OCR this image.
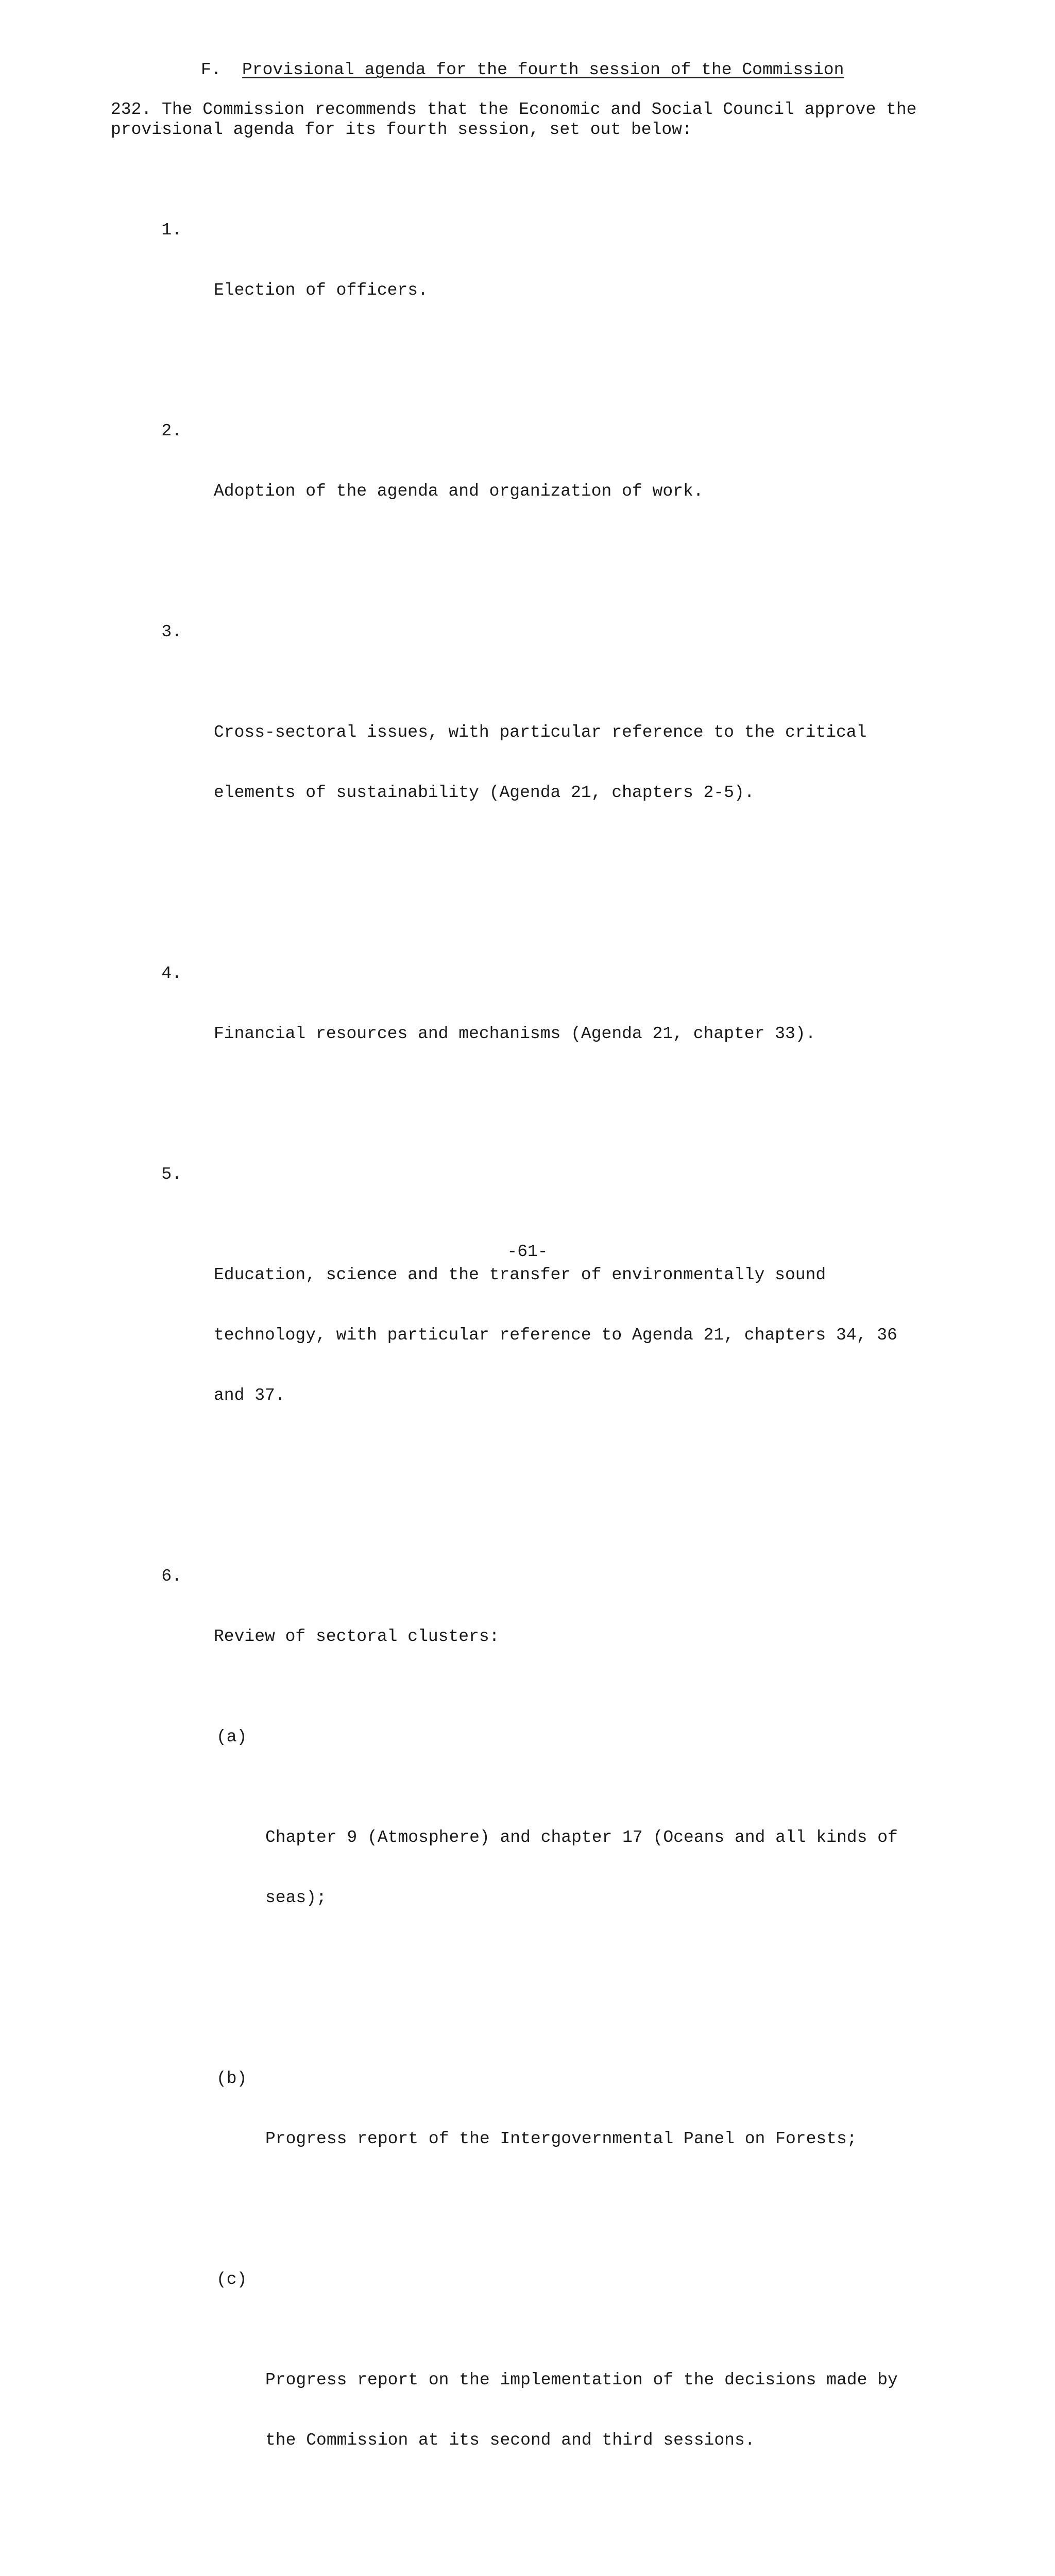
F. Provisional agenda for the fourth session of the Commission
232. The Commission recommends that the Economic and Social Council approve the
provisional agenda for its fourth session, set out below:

1.

Election of officers.

2.

Adoption of the agenda and organization of work.

3.

Cross-sectoral issues, with particular reference to the critical

elements of sustainability (Agenda 21, chapters 2-5).

4.

Financial resources and mechanisms (Agenda 21, chapter 33).

5.

Education, science and the transfer of environmentally sound

technology, with particular reference to Agenda 21, chapters 34, 36

and 37.

6.

Review of sectoral clusters:

(a)

Chapter 9 (Atmosphere) and chapter 17 (Oceans and all kinds of

seas);

(b)

Progress report of the Intergovernmental Panel on Forests;

(c)

Progress report on the implementation of the decisions made by

the Commission at its second and third sessions.

-61-
